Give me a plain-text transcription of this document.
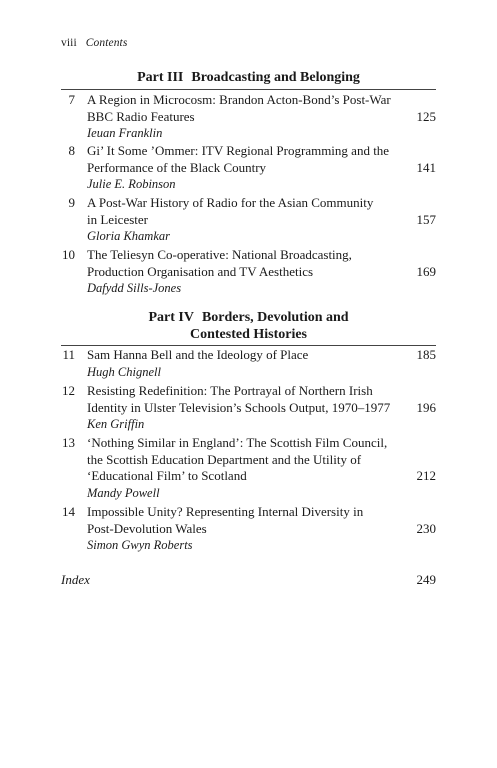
viii Contents
Part III Broadcasting and Belonging
7 A Region in Microcosm: Brandon Acton-Bond’s Post-War
BBC Radio Features
Ieuan Franklin
125
8 Gi’ It Some ’Ommer: ITV Regional Programming and the
Performance of the Black Country
Julie E. Robinson
141
9 A Post-War History of Radio for the Asian Community
in Leicester
Gloria Khamkar
157
10 The Teliesyn Co-operative: National Broadcasting,
Production Organisation and TV Aesthetics
Dafydd Sills-Jones
169
Part IV Borders, Devolution and
Contested Histories
11 Sam Hanna Bell and the Ideology of Place
Hugh Chignell
185
12 Resisting Redefinition: The Portrayal of Northern Irish
Identity in Ulster Television’s Schools Output, 1970–1977
Ken Griffin
196
13 ‘Nothing Similar in England’: The Scottish Film Council,
the Scottish Education Department and the Utility of
‘Educational Film’ to Scotland
Mandy Powell
212
14 Impossible Unity? Representing Internal Diversity in
Post-Devolution Wales
Simon Gwyn Roberts
230
Index	249
